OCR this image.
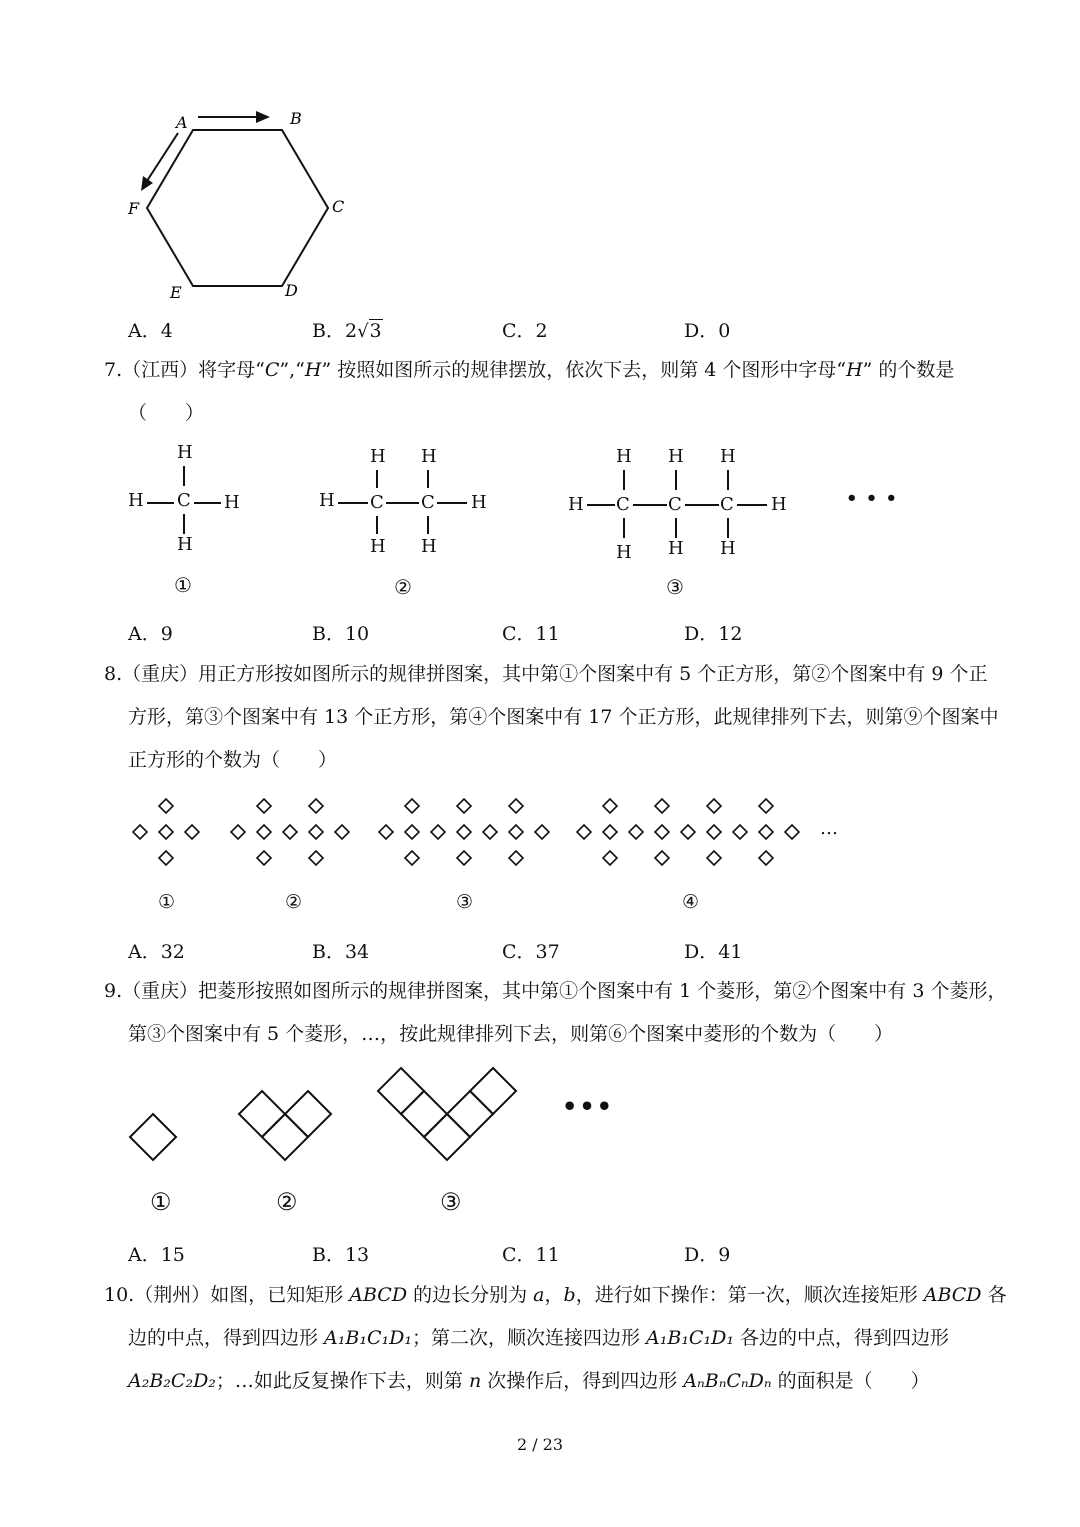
A	B
C
D
E
F
A．4	B．2√3	C．2	D．0
7.（江西）将字母“C”,“H” 按照如图所示的规律摆放，依次下去，则第 4 个图形中字母“H” 的个数是
（　　）
H
H C H
H
H H
H C C H
H H
H H H
H C C C H
H H H
• • •
①	②	③
A．9	B．10	C．11	D．12
8.（重庆）用正方形按如图所示的规律拼图案，其中第①个图案中有 5 个正方形，第②个图案中有 9 个正
方形，第③个图案中有 13 个正方形，第④个图案中有 17 个正方形，此规律排列下去，则第⑨个图案中
正方形的个数为（　　）
…
①	②	③	④
A．32	B．34	C．37	D．41
9.（重庆）把菱形按照如图所示的规律拼图案，其中第①个图案中有 1 个菱形，第②个图案中有 3 个菱形，
第③个图案中有 5 个菱形，…，按此规律排列下去，则第⑥个图案中菱形的个数为（　　）
•••
①	②	③
A．15	B．13	C．11	D．9
10.（荆州）如图，已知矩形 ABCD 的边长分别为 a，b，进行如下操作：第一次，顺次连接矩形 ABCD 各
边的中点，得到四边形 A₁B₁C₁D₁；第二次，顺次连接四边形 A₁B₁C₁D₁ 各边的中点，得到四边形
A₂B₂C₂D₂；…如此反复操作下去，则第 n 次操作后，得到四边形 AₙBₙCₙDₙ 的面积是（　　）
2 / 23
